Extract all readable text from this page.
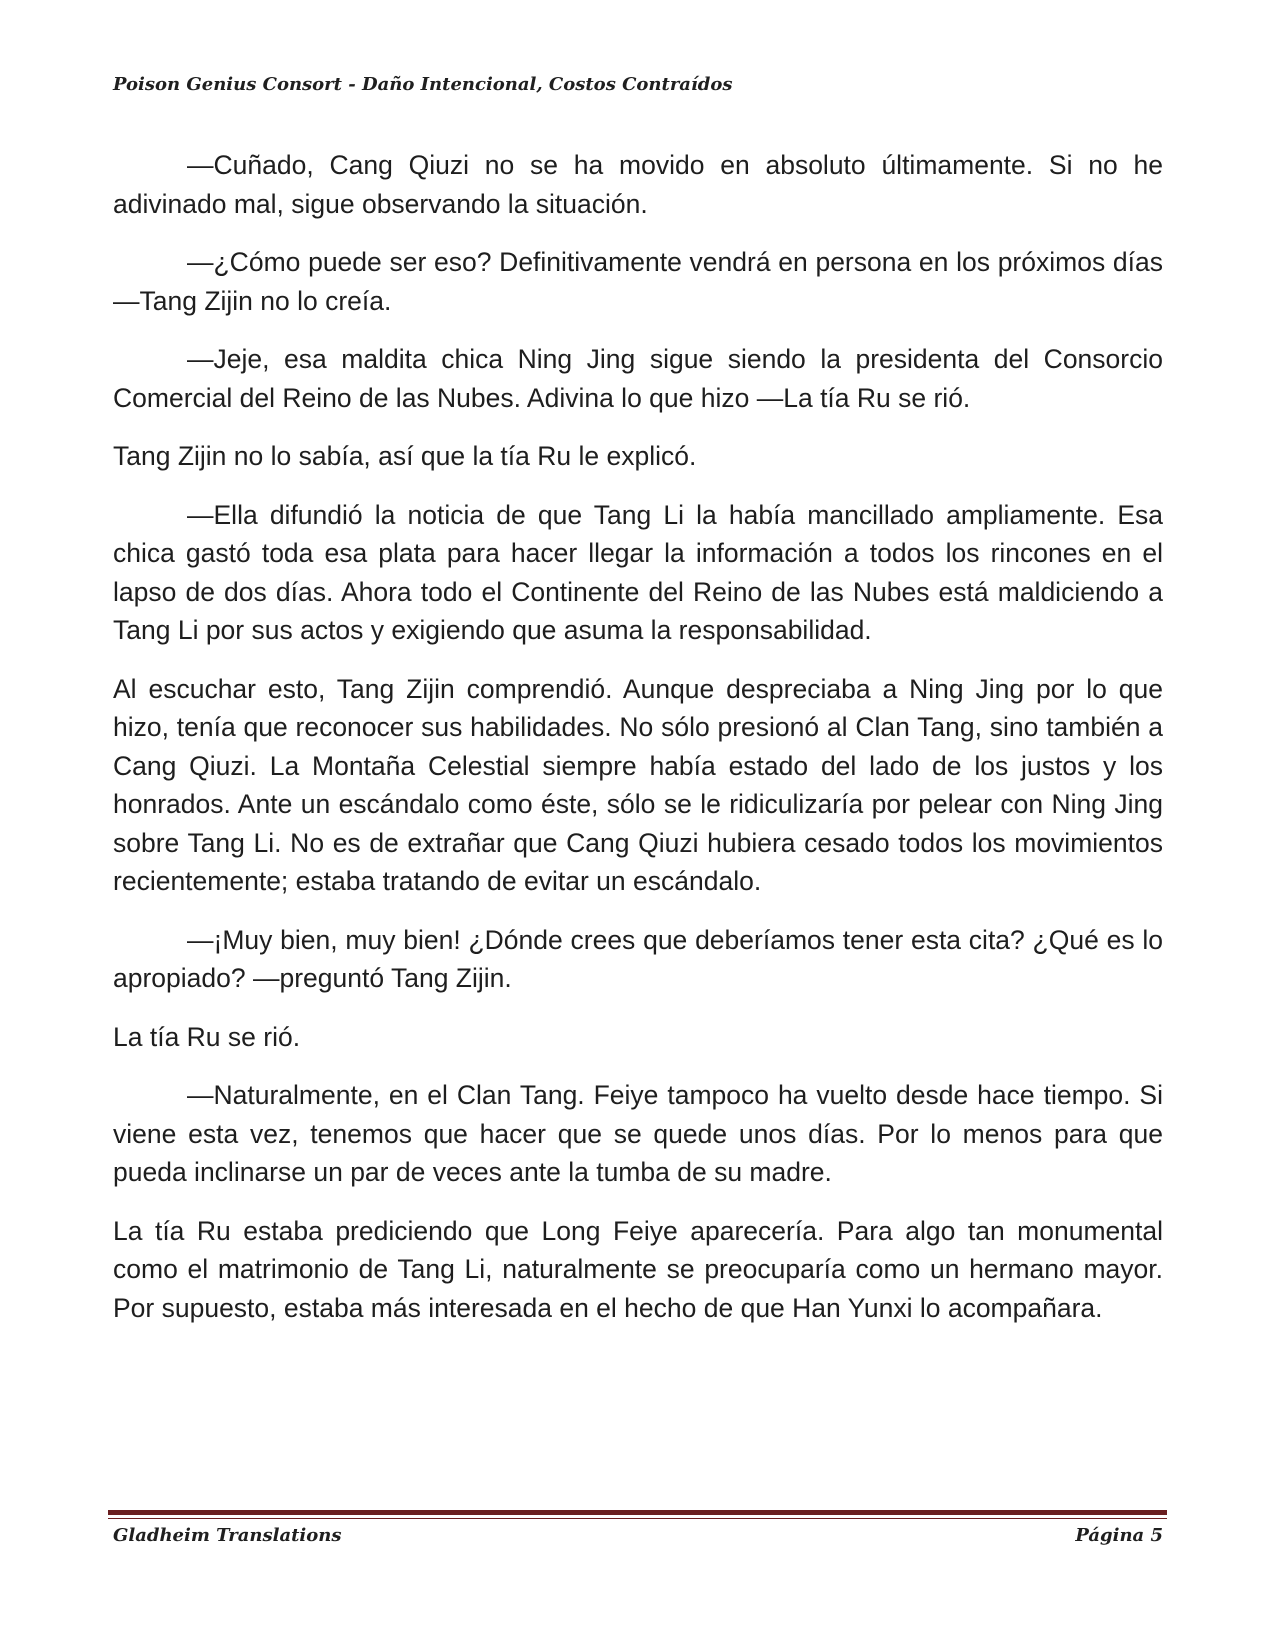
Poison Genius Consort - Daño Intencional, Costos Contraídos

—Cuñado, Cang Qiuzi no se ha movido en absoluto últimamente. Si no he adivinado mal, sigue observando la situación.

—¿Cómo puede ser eso? Definitivamente vendrá en persona en los próximos días —Tang Zijin no lo creía.

—Jeje, esa maldita chica Ning Jing sigue siendo la presidenta del Consorcio Comercial del Reino de las Nubes. Adivina lo que hizo —La tía Ru se rió.

Tang Zijin no lo sabía, así que la tía Ru le explicó.

—Ella difundió la noticia de que Tang Li la había mancillado ampliamente. Esa chica gastó toda esa plata para hacer llegar la información a todos los rincones en el lapso de dos días. Ahora todo el Continente del Reino de las Nubes está maldiciendo a Tang Li por sus actos y exigiendo que asuma la responsabilidad.

Al escuchar esto, Tang Zijin comprendió. Aunque despreciaba a Ning Jing por lo que hizo, tenía que reconocer sus habilidades. No sólo presionó al Clan Tang, sino también a Cang Qiuzi. La Montaña Celestial siempre había estado del lado de los justos y los honrados. Ante un escándalo como éste, sólo se le ridiculizaría por pelear con Ning Jing sobre Tang Li. No es de extrañar que Cang Qiuzi hubiera cesado todos los movimientos recientemente; estaba tratando de evitar un escándalo.

—¡Muy bien, muy bien! ¿Dónde crees que deberíamos tener esta cita? ¿Qué es lo apropiado? —preguntó Tang Zijin.

La tía Ru se rió.

—Naturalmente, en el Clan Tang. Feiye tampoco ha vuelto desde hace tiempo. Si viene esta vez, tenemos que hacer que se quede unos días. Por lo menos para que pueda inclinarse un par de veces ante la tumba de su madre.

La tía Ru estaba prediciendo que Long Feiye aparecería. Para algo tan monumental como el matrimonio de Tang Li, naturalmente se preocuparía como un hermano mayor. Por supuesto, estaba más interesada en el hecho de que Han Yunxi lo acompañara.

Gladheim Translations	Página 5
